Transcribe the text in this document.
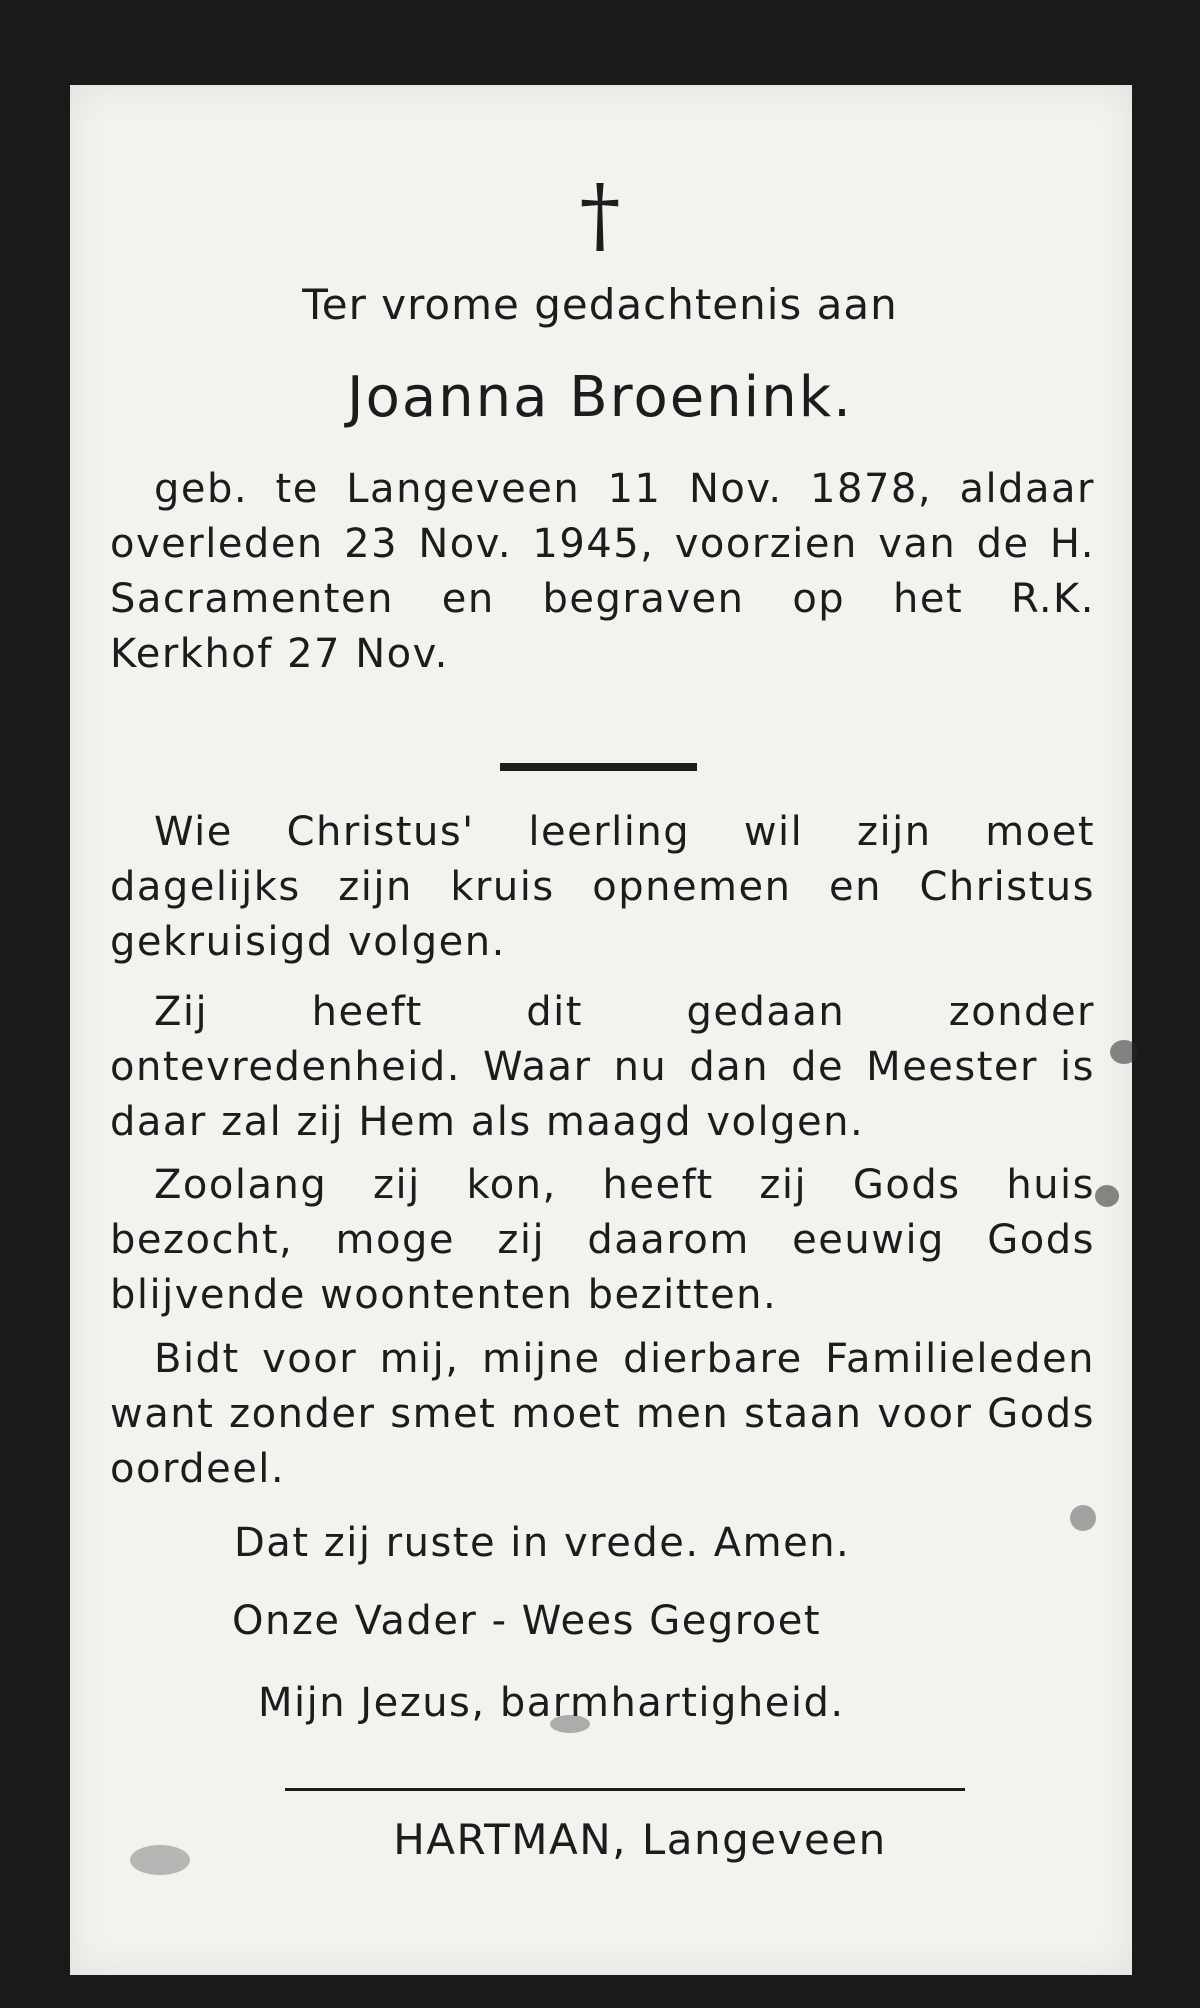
†
Ter vrome gedachtenis aan
Joanna Broenink.
geb. te Langeveen 11 Nov. 1878, aldaar overleden 23 Nov. 1945, voorzien van de H. Sacramenten en begraven op het R.K. Kerkhof 27 Nov.
Wie Christus' leerling wil zijn moet dagelijks zijn kruis opnemen en Christus gekruisigd volgen.
Zij heeft dit gedaan zonder ontevredenheid. Waar nu dan de Meester is daar zal zij Hem als maagd volgen.
Zoolang zij kon, heeft zij Gods huis bezocht, moge zij daarom eeuwig Gods blijvende woontenten bezitten.
Bidt voor mij, mijne dierbare Familieleden want zonder smet moet men staan voor Gods oordeel.
Dat zij ruste in vrede. Amen.
Onze Vader - Wees Gegroet
Mijn Jezus, barmhartigheid.
HARTMAN, Langeveen
